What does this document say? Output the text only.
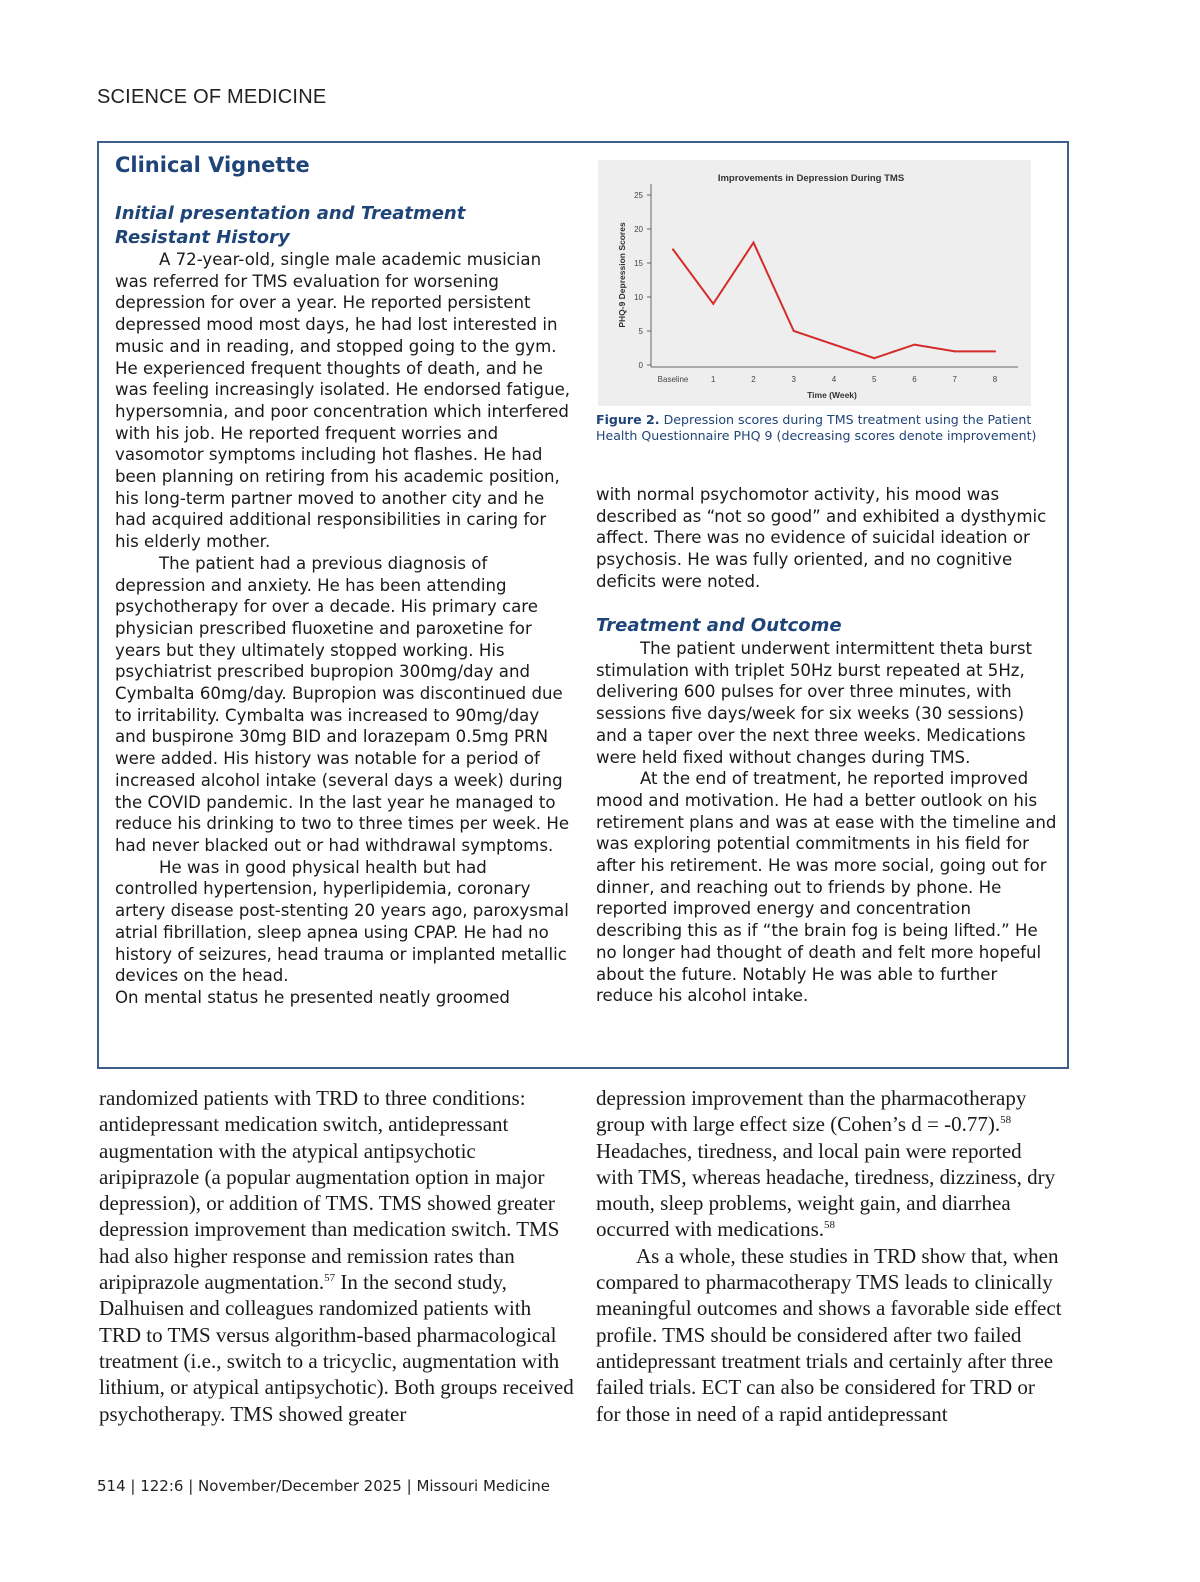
SCIENCE OF MEDICINE
Clinical Vignette
Initial presentation and Treatment
Resistant History

A 72-year-old, single male academic musician was referred for TMS evaluation for worsening depression for over a year. He reported persistent depressed mood most days, he had lost interested in music and in reading, and stopped going to the gym. He experienced frequent thoughts of death, and he was feeling increasingly isolated. He endorsed fatigue, hypersomnia, and poor concentration which interfered with his job. He reported frequent worries and vasomotor symptoms including hot flashes. He had been planning on retiring from his academic position, his long-term partner moved to another city and he had acquired additional responsibilities in caring for his elderly mother.

The patient had a previous diagnosis of depression and anxiety. He has been attending psychotherapy for over a decade. His primary care physician prescribed fluoxetine and paroxetine for years but they ultimately stopped working. His psychiatrist prescribed bupropion 300mg/day and Cymbalta 60mg/day. Bupropion was discontinued due to irritability. Cymbalta was increased to 90mg/day and buspirone 30mg BID and lorazepam 0.5mg PRN were added. His history was notable for a period of increased alcohol intake (several days a week) during the COVID pandemic. In the last year he managed to reduce his drinking to two to three times per week. He had never blacked out or had withdrawal symptoms.

He was in good physical health but had controlled hypertension, hyperlipidemia, coronary artery disease post-stenting 20 years ago, paroxysmal atrial fibrillation, sleep apnea using CPAP. He had no history of seizures, head trauma or implanted metallic devices on the head.

On mental status he presented neatly groomed

Improvements in Depression During TMS
PHQ-9 Depression Scores
Time (Week)
0
5
10
15
20
25
Baseline	1	2	3	4	5	6	7	8
Figure 2. Depression scores during TMS treatment using the Patient Health Questionnaire PHQ 9 (decreasing scores denote improvement)

with normal psychomotor activity, his mood was described as “not so good” and exhibited a dysthymic affect. There was no evidence of suicidal ideation or psychosis. He was fully oriented, and no cognitive deficits were noted.

Treatment and Outcome

The patient underwent intermittent theta burst stimulation with triplet 50Hz burst repeated at 5Hz, delivering 600 pulses for over three minutes, with sessions five days/week for six weeks (30 sessions) and a taper over the next three weeks. Medications were held fixed without changes during TMS.

At the end of treatment, he reported improved mood and motivation. He had a better outlook on his retirement plans and was at ease with the timeline and was exploring potential commitments in his field for after his retirement. He was more social, going out for dinner, and reaching out to friends by phone. He reported improved energy and concentration describing this as if “the brain fog is being lifted.” He no longer had thought of death and felt more hopeful about the future. Notably He was able to further reduce his alcohol intake.

randomized patients with TRD to three conditions: antidepressant medication switch, antidepressant augmentation with the atypical antipsychotic aripiprazole (a popular augmentation option in major depression), or addition of TMS. TMS showed greater depression improvement than medication switch. TMS had also higher response and remission rates than aripiprazole augmentation.$^{57}$ In the second study, Dalhuisen and colleagues randomized patients with TRD to TMS versus algorithm-based pharmacological treatment (i.e., switch to a tricyclic, augmentation with lithium, or atypical antipsychotic). Both groups received psychotherapy. TMS showed greater

depression improvement than the pharmacotherapy group with large effect size (Cohen’s d = -0.77).$^{58}$ Headaches, tiredness, and local pain were reported with TMS, whereas headache, tiredness, dizziness, dry mouth, sleep problems, weight gain, and diarrhea occurred with medications.$^{58}$

As a whole, these studies in TRD show that, when compared to pharmacotherapy TMS leads to clinically meaningful outcomes and shows a favorable side effect profile. TMS should be considered after two failed antidepressant treatment trials and certainly after three failed trials. ECT can also be considered for TRD or for those in need of a rapid antidepressant

514 | 122:6 | November/December 2025 | Missouri Medicine
